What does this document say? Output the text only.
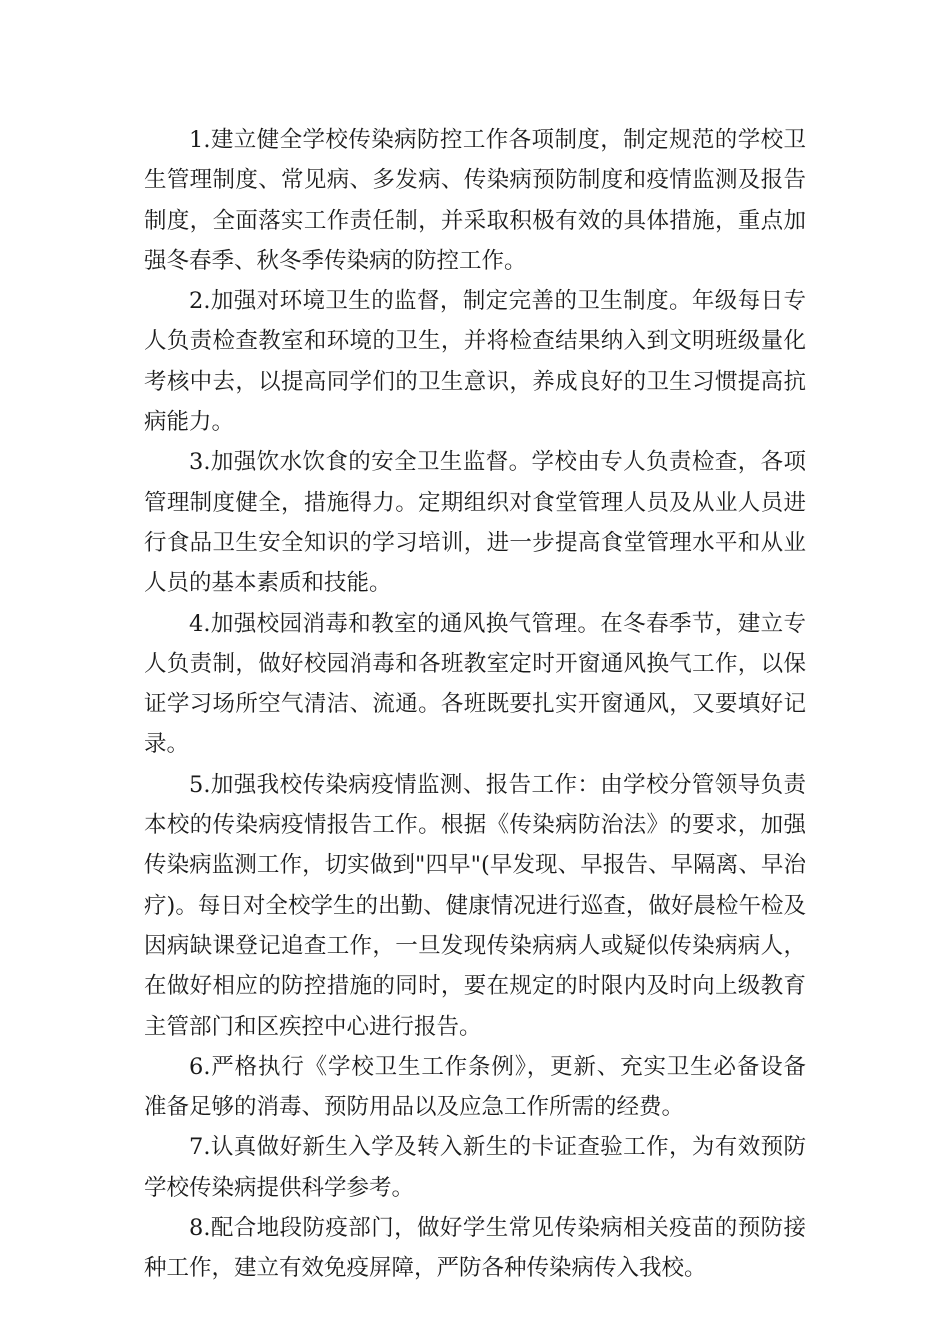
1.建立健全学校传染病防控工作各项制度，制定规范的学校卫生管理制度、常见病、多发病、传染病预防制度和疫情监测及报告制度，全面落实工作责任制，并采取积极有效的具体措施，重点加强冬春季、秋冬季传染病的防控工作。

2.加强对环境卫生的监督，制定完善的卫生制度。年级每日专人负责检查教室和环境的卫生，并将检查结果纳入到文明班级量化考核中去，以提高同学们的卫生意识，养成良好的卫生习惯提高抗病能力。

3.加强饮水饮食的安全卫生监督。学校由专人负责检查，各项管理制度健全，措施得力。定期组织对食堂管理人员及从业人员进行食品卫生安全知识的学习培训，进一步提高食堂管理水平和从业人员的基本素质和技能。

4.加强校园消毒和教室的通风换气管理。在冬春季节，建立专人负责制，做好校园消毒和各班教室定时开窗通风换气工作，以保证学习场所空气清洁、流通。各班既要扎实开窗通风，又要填好记录。

5.加强我校传染病疫情监测、报告工作：由学校分管领导负责本校的传染病疫情报告工作。根据《传染病防治法》的要求，加强传染病监测工作，切实做到"四早"(早发现、早报告、早隔离、早治疗)。每日对全校学生的出勤、健康情况进行巡查，做好晨检午检及因病缺课登记追查工作，一旦发现传染病病人或疑似传染病病人，在做好相应的防控措施的同时，要在规定的时限内及时向上级教育主管部门和区疾控中心进行报告。

6.严格执行《学校卫生工作条例》，更新、充实卫生必备设备准备足够的消毒、预防用品以及应急工作所需的经费。

7.认真做好新生入学及转入新生的卡证查验工作，为有效预防学校传染病提供科学参考。

8.配合地段防疫部门，做好学生常见传染病相关疫苗的预防接种工作，建立有效免疫屏障，严防各种传染病传入我校。
